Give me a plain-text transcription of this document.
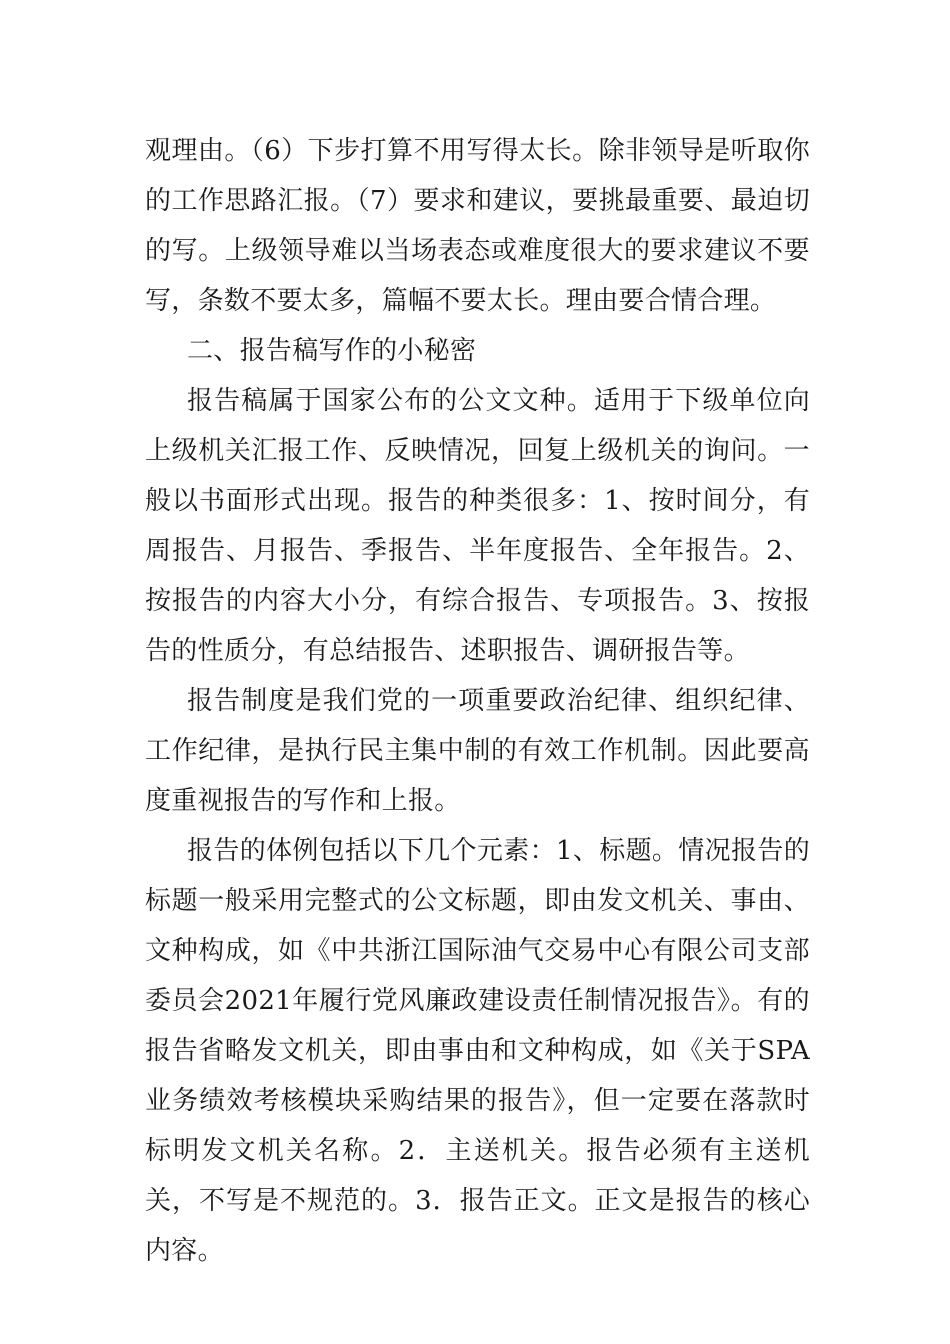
观理由。（6）下步打算不用写得太长。除非领导是听取你的工作思路汇报。（7）要求和建议，要挑最重要、最迫切的写。上级领导难以当场表态或难度很大的要求建议不要写，条数不要太多，篇幅不要太长。理由要合情合理。

二、报告稿写作的小秘密

报告稿属于国家公布的公文文种。适用于下级单位向上级机关汇报工作、反映情况，回复上级机关的询问。一般以书面形式出现。报告的种类很多：1、按时间分，有周报告、月报告、季报告、半年度报告、全年报告。2、按报告的内容大小分，有综合报告、专项报告。3、按报告的性质分，有总结报告、述职报告、调研报告等。

报告制度是我们党的一项重要政治纪律、组织纪律、工作纪律，是执行民主集中制的有效工作机制。因此要高度重视报告的写作和上报。

报告的体例包括以下几个元素：1、标题。情况报告的标题一般采用完整式的公文标题，即由发文机关、事由、文种构成，如《中共浙江国际油气交易中心有限公司支部委员会2021年履行党风廉政建设责任制情况报告》。有的报告省略发文机关，即由事由和文种构成，如《关于SPA业务绩效考核模块采购结果的报告》，但一定要在落款时标明发文机关名称。2．主送机关。报告必须有主送机关，不写是不规范的。3．报告正文。正文是报告的核心内容。
